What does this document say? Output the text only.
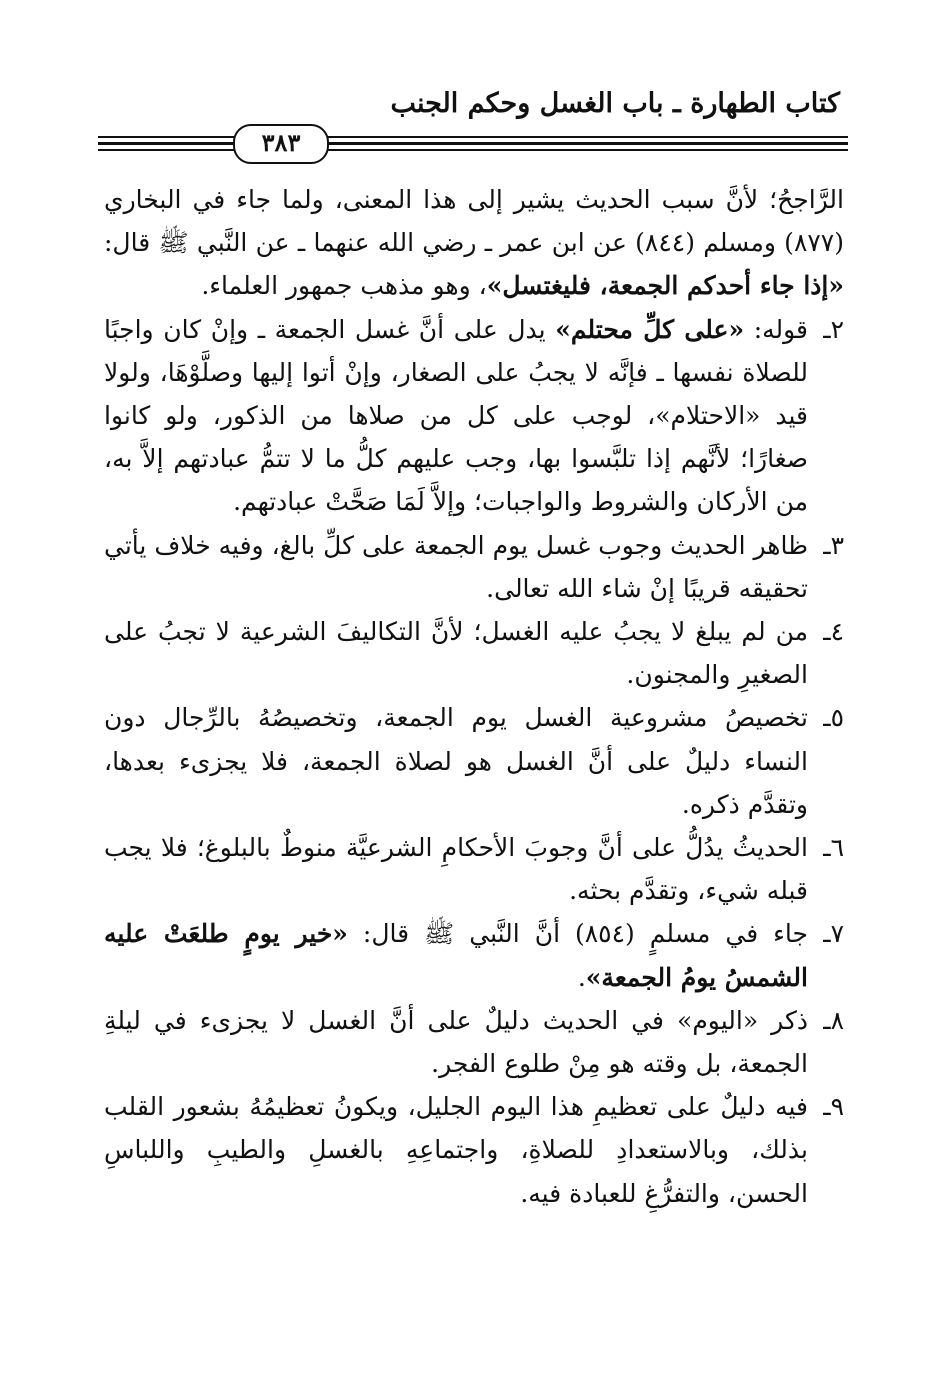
كتاب الطهارة ـ باب الغسل وحكم الجنب
٣٨٣

الرَّاجحُ؛ لأنَّ سبب الحديث يشير إلى هذا المعنى، ولما جاء في البخاري (٨٧٧) ومسلم (٨٤٤) عن ابن عمر ـ رضي الله عنهما ـ عن النَّبي ﷺ قال: «إذا جاء أحدكم الجمعة، فليغتسل»، وهو مذهب جمهور العلماء.

٢ـ
قوله: «على كلِّ محتلم» يدل على أنَّ غسل الجمعة ـ وإنْ كان واجبًا للصلاة نفسها ـ فإنَّه لا يجبُ على الصغار، وإنْ أتوا إليها وصلَّوْهَا، ولولا قيد «الاحتلام»، لوجب على كل من صلاها من الذكور، ولو كانوا صغارًا؛ لأنَّهم إذا تلبَّسوا بها، وجب عليهم كلُّ ما لا تتمُّ عبادتهم إلاَّ به، من الأركان والشروط والواجبات؛ وإلاَّ لَمَا صَحَّتْ عبادتهم.
٣ـ
ظاهر الحديث وجوب غسل يوم الجمعة على كلِّ بالغ، وفيه خلاف يأتي تحقيقه قريبًا إنْ شاء الله تعالى.
٤ـ
من لم يبلغ لا يجبُ عليه الغسل؛ لأنَّ التكاليفَ الشرعية لا تجبُ على الصغيرِ والمجنون.
٥ـ
تخصيصُ مشروعية الغسل يوم الجمعة، وتخصيصُهُ بالرِّجال دون النساء دليلٌ على أنَّ الغسل هو لصلاة الجمعة، فلا يجزىء بعدها، وتقدَّم ذكره.
٦ـ
الحديثُ يدُلُّ على أنَّ وجوبَ الأحكامِ الشرعيَّة منوطٌ بالبلوغ؛ فلا يجب قبله شيء، وتقدَّم بحثه.
٧ـ
جاء في مسلمٍ (٨٥٤) أنَّ النَّبي ﷺ قال: «خير يومٍ طلعَتْ عليه الشمسُ يومُ الجمعة».
٨ـ
ذكر «اليوم» في الحديث دليلٌ على أنَّ الغسل لا يجزىء في ليلةِ الجمعة، بل وقته هو مِنْ طلوع الفجر.
٩ـ
فيه دليلٌ على تعظيمِ هذا اليوم الجليل، ويكونُ تعظيمُهُ بشعور القلب بذلك، وبالاستعدادِ للصلاةِ، واجتماعِهِ بالغسلِ والطيبِ واللباسِ الحسن، والتفرُّغِ للعبادة فيه.
